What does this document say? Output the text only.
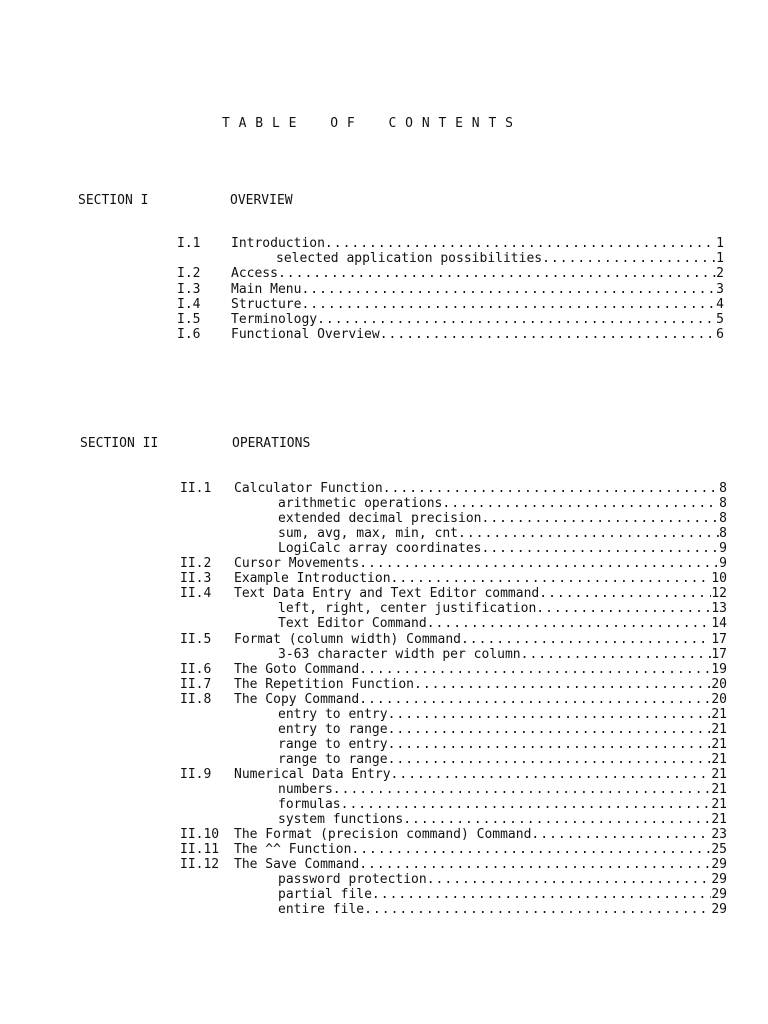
T A B L E    O F    C O N T E N T S
SECTION I	OVERVIEW
I.1 Introduction .....	1
selected application possibilities .....	1
I.2 Access .....	2
I.3 Main Menu .....	3
I.4 Structure .....	4
I.5 Terminology .....	5
I.6 Functional Overview .....	6
SECTION II	OPERATIONS
II.1 Calculator Function .....	8
arithmetic operations .....	8
extended decimal precision .....	8
sum, avg, max, min, cnt .....	8
LogiCalc array coordinates .....	9
II.2 Cursor Movements .....	9
II.3 Example Introduction .....	10
II.4 Text Data Entry and Text Editor command .....	12
left, right, center justification .....	13
Text Editor Command .....	14
II.5 Format (column width) Command .....	17
3-63 character width per column .....	17
II.6 The Goto Command .....	19
II.7 The Repetition Function .....	20
II.8 The Copy Command .....	20
entry to entry .....	21
entry to range .....	21
range to entry .....	21
range to range .....	21
II.9 Numerical Data Entry .....	21
numbers .....	21
formulas .....	21
system functions .....	21
II.10 The Format (precision command) Command .....	23
II.11 The ^^ Function .....	25
II.12 The Save Command .....	29
password protection .....	29
partial file .....	29
entire file .....	29
